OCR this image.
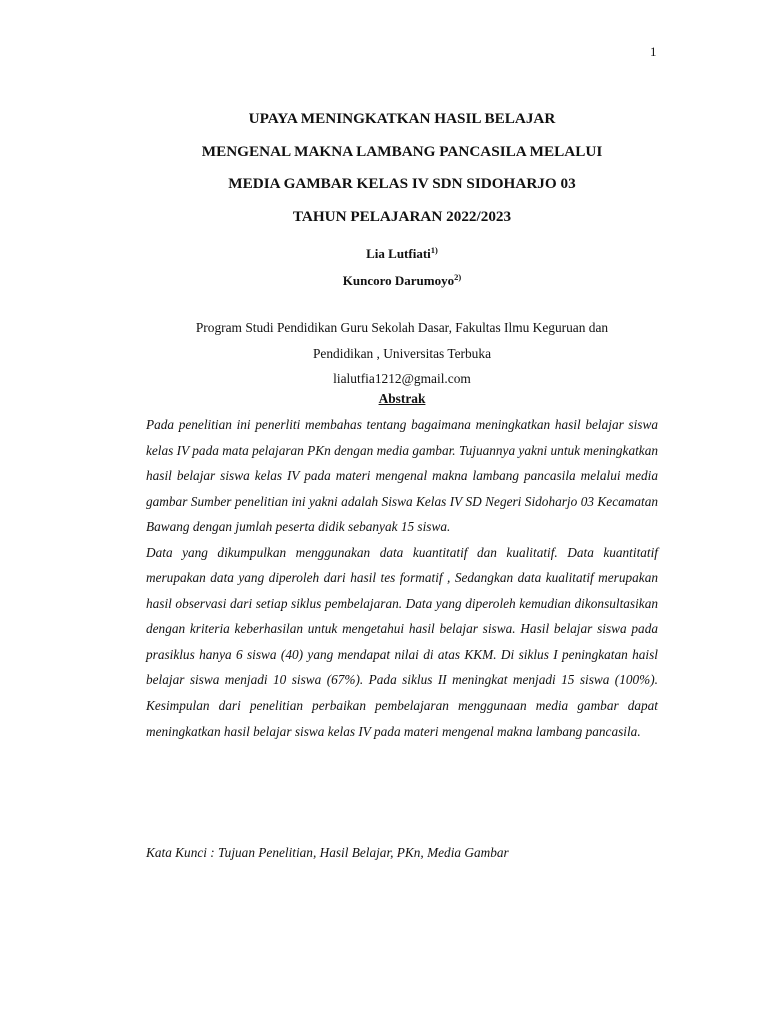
1
UPAYA MENINGKATKAN HASIL BELAJAR
MENGENAL MAKNA LAMBANG PANCASILA MELALUI
MEDIA GAMBAR KELAS IV SDN SIDOHARJO 03
TAHUN PELAJARAN 2022/2023
Lia Lutfiati$^{1)}$
Kuncoro Darumoyo$^{2)}$
Program Studi Pendidikan Guru Sekolah Dasar, Fakultas Ilmu Keguruan dan
Pendidikan , Universitas Terbuka
lialutfia1212@gmail.com
Abstrak

Pada penelitian ini penerliti membahas tentang bagaimana meningkatkan hasil belajar siswa kelas IV pada mata pelajaran PKn dengan media gambar. Tujuannya yakni untuk meningkatkan hasil belajar siswa kelas IV pada materi mengenal makna lambang pancasila melalui media gambar Sumber penelitian ini yakni adalah Siswa Kelas IV SD Negeri Sidoharjo 03 Kecamatan Bawang dengan jumlah peserta didik sebanyak 15 siswa.

Data yang dikumpulkan menggunakan data kuantitatif dan kualitatif. Data kuantitatif merupakan data yang diperoleh dari hasil tes formatif , Sedangkan data kualitatif merupakan hasil observasi dari setiap siklus pembelajaran. Data yang diperoleh kemudian dikonsultasikan dengan kriteria keberhasilan untuk mengetahui hasil belajar siswa. Hasil belajar siswa pada prasiklus hanya 6 siswa (40) yang mendapat nilai di atas KKM. Di siklus I peningkatan haisl belajar siswa menjadi 10 siswa (67%). Pada siklus II meningkat menjadi 15 siswa (100%). Kesimpulan dari penelitian perbaikan pembelajaran menggunaan media gambar dapat meningkatkan hasil belajar siswa kelas IV pada materi mengenal makna lambang pancasila.

Kata Kunci : Tujuan Penelitian, Hasil Belajar, PKn, Media Gambar
